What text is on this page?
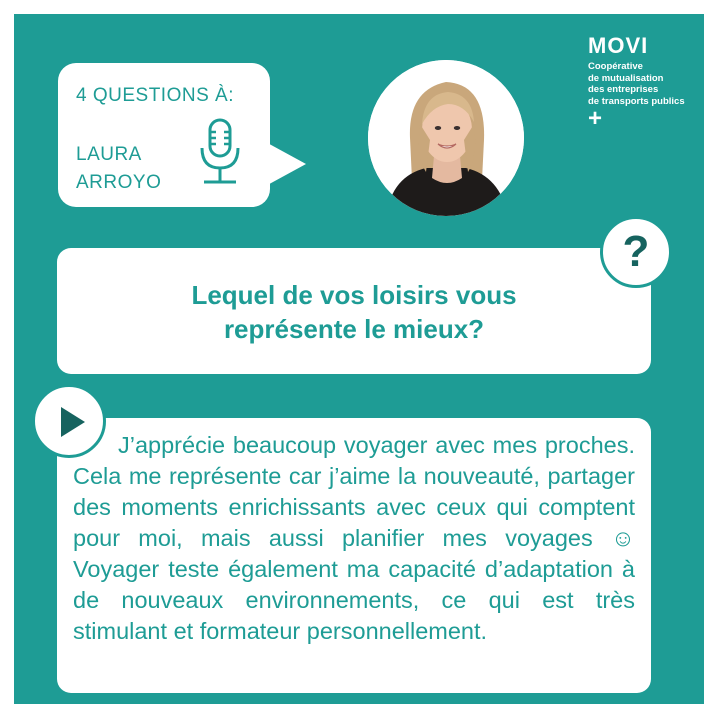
4 QUESTIONS À:
LAURA
ARROYO
MOVI
Coopérative
de mutualisation
des entreprises
de transports publics
+
Lequel de vos loisirs vous
représente le mieux?
?
J’apprécie beaucoup voyager avec mes proches. Cela me représente car j’aime la nouveauté, partager des moments enrichissants avec ceux qui comptent pour moi, mais aussi planifier mes voyages ☺ Voyager teste également ma capacité d’adaptation à de nouveaux environnements, ce qui est très stimulant et formateur personnellement.
